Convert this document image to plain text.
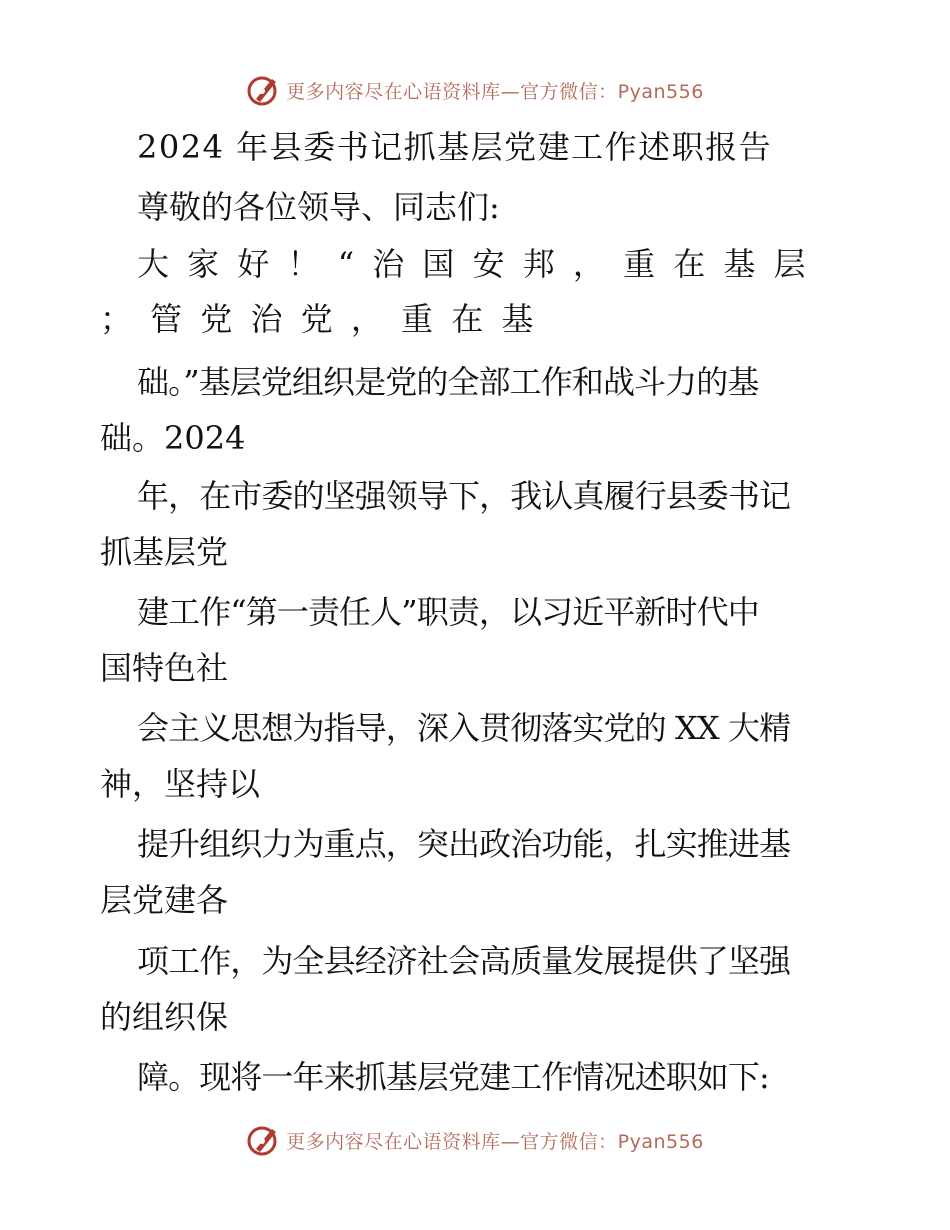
更多内容尽在心语资料库—官方微信：Pyan556
2024 年县委书记抓基层党建工作述职报告
尊敬的各位领导、同志们:
大 家 好 ！ “ 治 国 安 邦 ， 重 在 基 层
； 管 党 治 党 ， 重 在 基
础。”基层党组织是党的全部工作和战斗力的基
础。2024
年，在市委的坚强领导下，我认真履行县委书记
抓基层党
建工作“第一责任人”职责，以习近平新时代中
国特色社
会主义思想为指导，深入贯彻落实党的 XX 大精
神，坚持以
提升组织力为重点，突出政治功能，扎实推进基
层党建各
项工作，为全县经济社会高质量发展提供了坚强
的组织保
障。现将一年来抓基层党建工作情况述职如下:
更多内容尽在心语资料库—官方微信：Pyan556
